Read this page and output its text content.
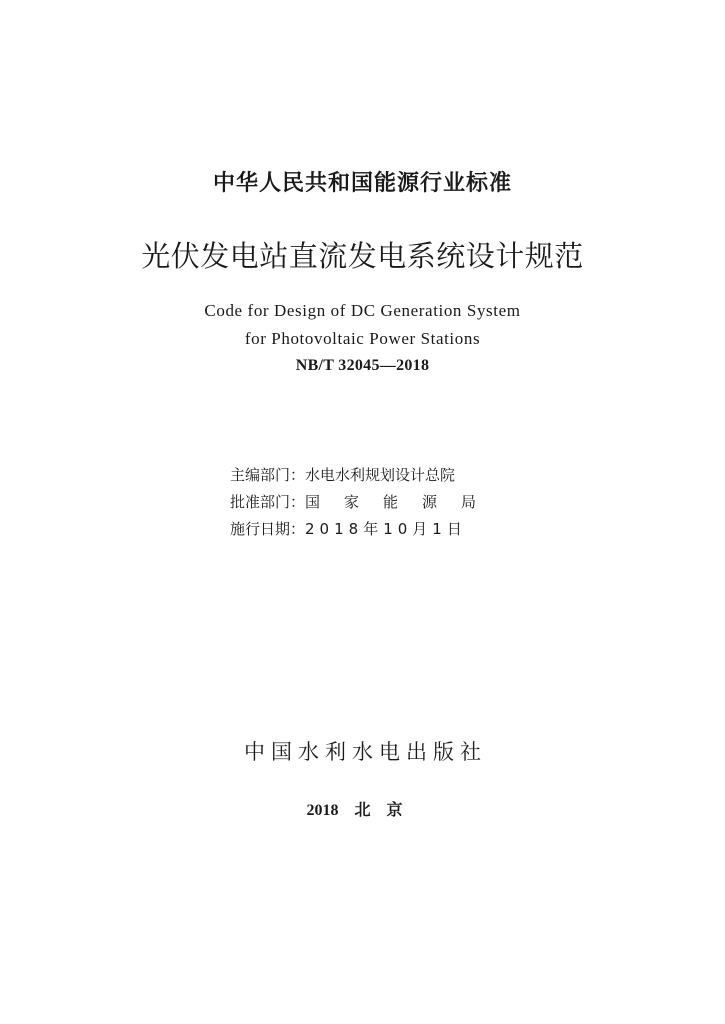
中华人民共和国能源行业标准
光伏发电站直流发电系统设计规范
Code for Design of DC Generation System
for Photovoltaic Power Stations
NB/T 32045—2018
主编部门：水电水利规划设计总院
批准部门：国家能源局
施行日期：2018年10月1日
中国水利水电出版社
2018 北京
